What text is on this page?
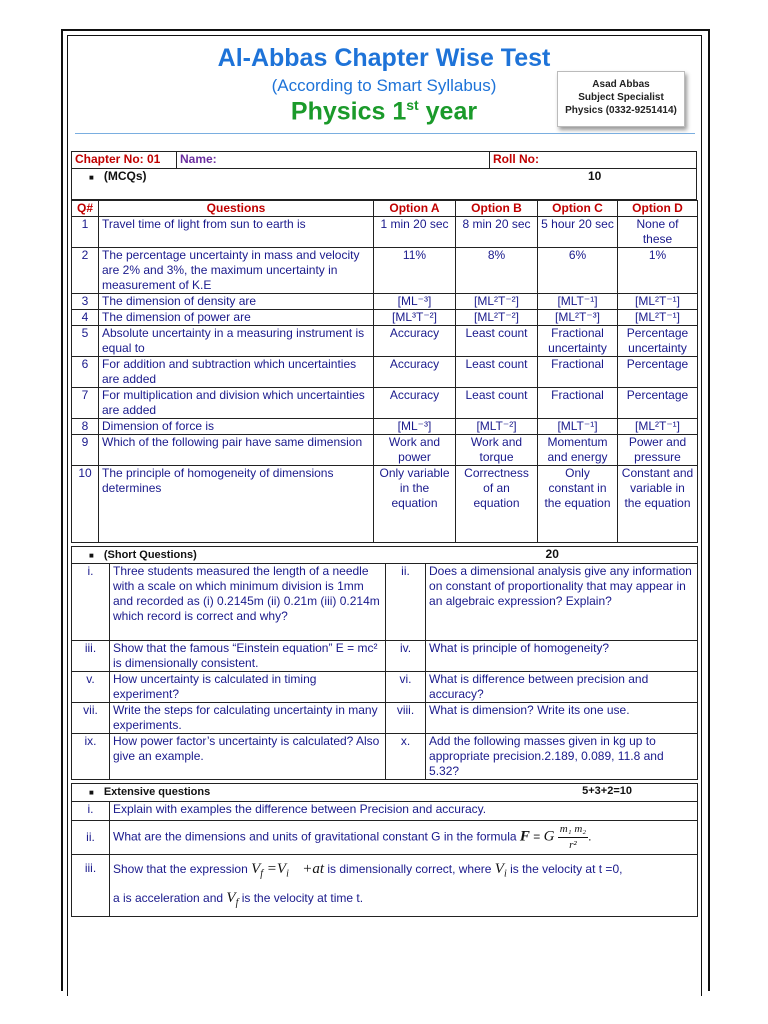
Al-Abbas Chapter Wise Test
(According to Smart Syllabus)
Physics 1st year
Asad Abbas
Subject Specialist
Physics (0332-9251414)
Chapter No: 01	Name:	Roll No:
■ (MCQs)	10
Q#	Questions	Option A	Option B	Option C	Option D
1	Travel time of light from sun to earth is	1 min 20 sec	8 min 20 sec	5 hour 20 sec	None of these
2	The percentage uncertainty in mass and velocity are 2% and 3%, the maximum uncertainty in measurement of K.E	11%	8%	6%	1%
3	The dimension of density are	[ML⁻³]	[ML²T⁻²]	[MLT⁻¹]	[ML²T⁻¹]
4	The dimension of power are	[ML³T⁻²]	[ML²T⁻²]	[ML²T⁻³]	[ML²T⁻¹]
5	Absolute uncertainty in a measuring instrument is equal to	Accuracy	Least count	Fractional uncertainty	Percentage uncertainty
6	For addition and subtraction which uncertainties are added	Accuracy	Least count	Fractional	Percentage
7	For multiplication and division which uncertainties are added	Accuracy	Least count	Fractional	Percentage
8	Dimension of force is	[ML⁻³]	[MLT⁻²]	[MLT⁻¹]	[ML²T⁻¹]
9	Which of the following pair have same dimension	Work and power	Work and torque	Momentum and energy	Power and pressure
10	The principle of homogeneity of dimensions determines	Only variable in the equation	Correctness of an equation	Only constant in the equation	Constant and variable in the equation
■ (Short Questions)		20	
i.	Three students measured the length of a needle with a scale on which minimum division is 1mm and recorded as (i) 0.2145m (ii) 0.21m (iii) 0.214m which record is correct and why?	ii.	Does a dimensional analysis give any information on constant of proportionality that may appear in an algebraic expression? Explain?
iii.	Show that the famous “Einstein equation” E = mc² is dimensionally consistent.	iv.	What is principle of homogeneity?
v.	How uncertainty is calculated in timing experiment?	vi.	What is difference between precision and accuracy?
vii.	Write the steps for calculating uncertainty in many experiments.	viii.	What is dimension? Write its one use.
ix.	How power factor’s uncertainty is calculated? Also give an example.	x.	Add the following masses given in kg up to appropriate precision.2.189, 0.089, 11.8 and 5.32?
■ Extensive questions 5+3+2=10	

i.	Explain with examples the difference between Precision and accuracy.
ii.	What are the dimensions and units of gravitational constant G in the formula F = G $\frac{\text{m₁ m₂}}{\text{r²}}$ .
iii.	Show that the expression $V_f =V_i +at$ is dimensionally correct, where $V_i$ is the velocity at t =0,
a is acceleration and $V_f$ is the velocity at time t.
